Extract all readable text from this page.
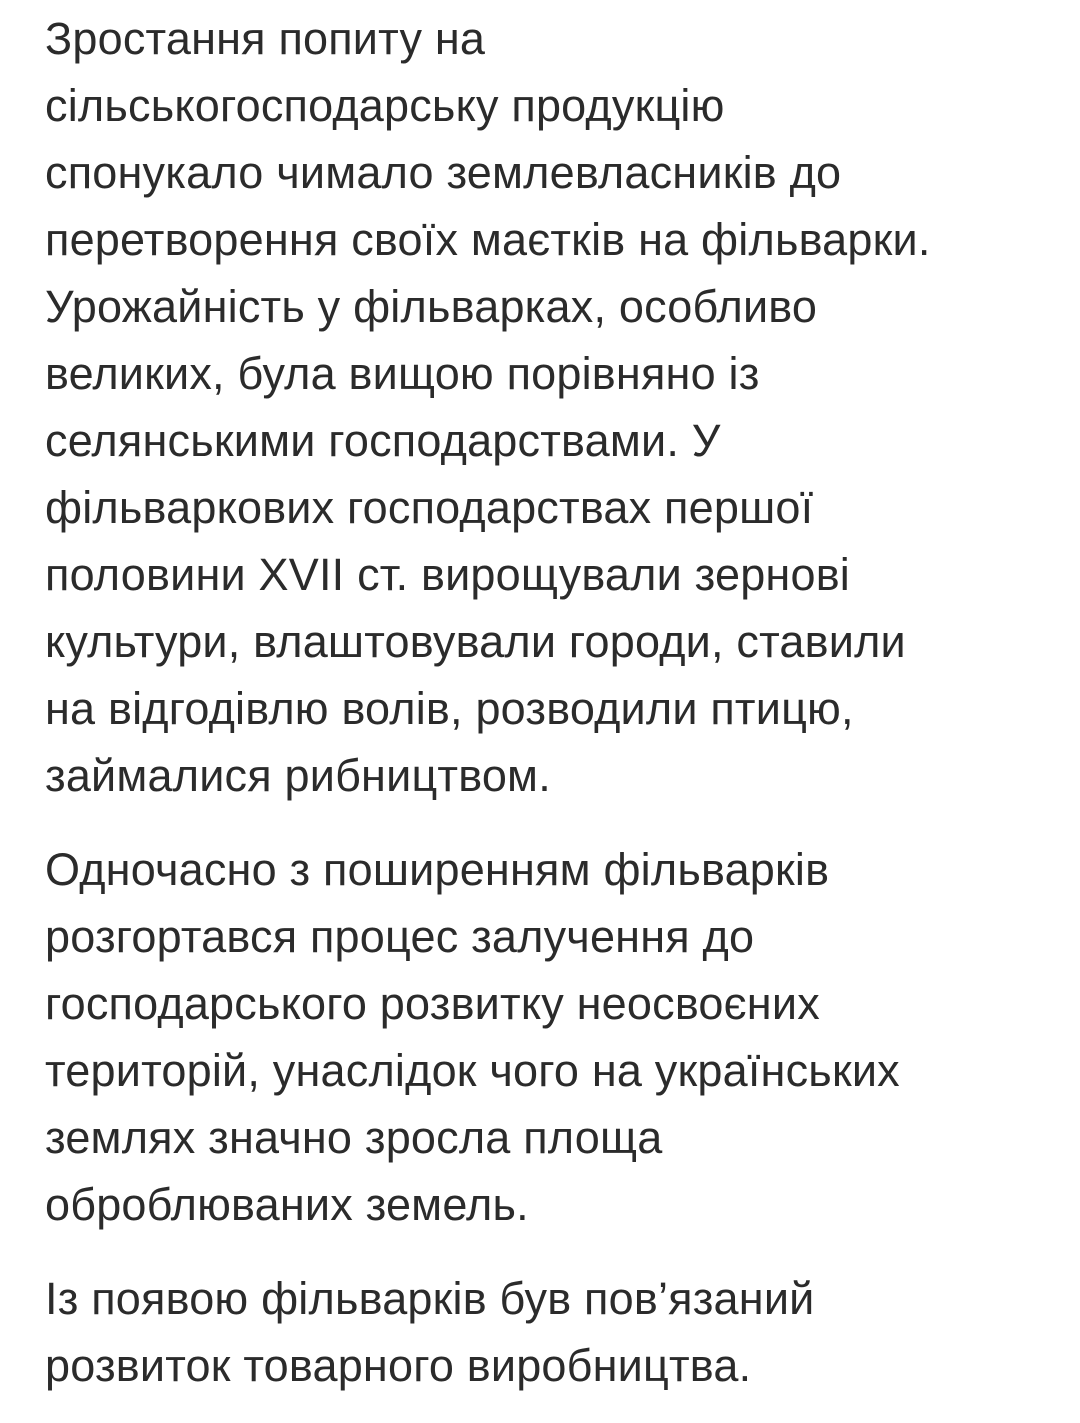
Зростання попиту на
сільськогосподарську продукцію
спонукало чимало землевласників до
перетворення своїх маєтків на фільварки.
Урожайність у фільварках, особливо
великих, була вищою порівняно із
селянськими господарствами. У
фільваркових господарствах першої
половини XVII ст. вирощували зернові
культури, влаштовували городи, ставили
на відгодівлю волів, розводили птицю,
займалися рибництвом.
Одночасно з поширенням фільварків
розгортався процес залучення до
господарського розвитку неосвоєних
територій, унаслідок чого на українських
землях значно зросла площа
оброблюваних земель.
Із появою фільварків був пов’язаний
розвиток товарного виробництва.
